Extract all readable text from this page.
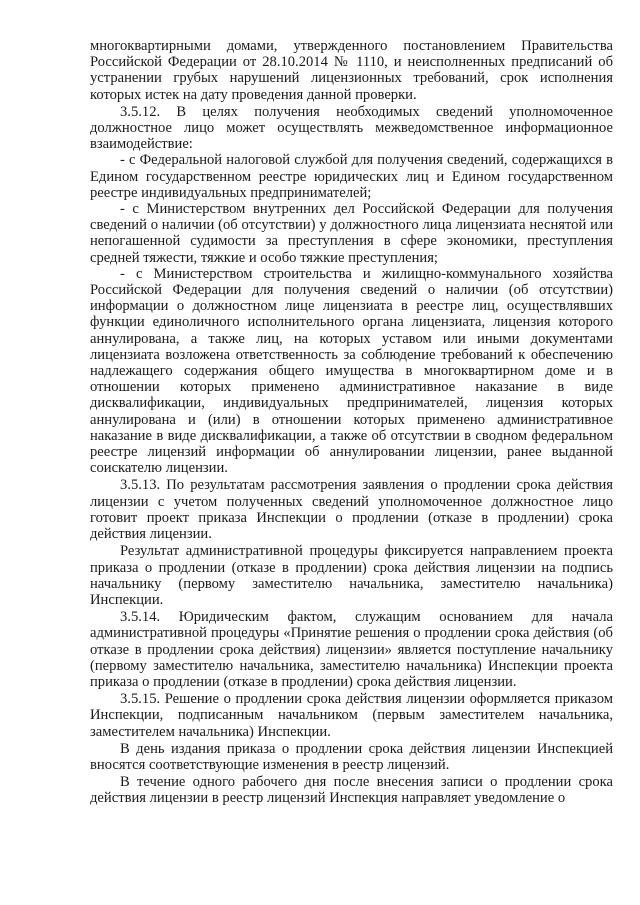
многоквартирными домами, утвержденного постановлением Правительства Российской Федерации от 28.10.2014 № 1110, и неисполненных предписаний об устранении грубых нарушений лицензионных требований, срок исполнения которых истек на дату проведения данной проверки.

3.5.12. В целях получения необходимых сведений уполномоченное должностное лицо может осуществлять межведомственное информационное взаимодействие:

- с Федеральной налоговой службой для получения сведений, содержащихся в Едином государственном реестре юридических лиц и Едином государственном реестре индивидуальных предпринимателей;

- с Министерством внутренних дел Российской Федерации для получения сведений о наличии (об отсутствии) у должностного лица лицензиата неснятой или непогашенной судимости за преступления в сфере экономики, преступления средней тяжести, тяжкие и особо тяжкие преступления;

- с Министерством строительства и жилищно-коммунального хозяйства Российской Федерации для получения сведений о наличии (об отсутствии) информации о должностном лице лицензиата в реестре лиц, осуществлявших функции единоличного исполнительного органа лицензиата, лицензия которого аннулирована, а также лиц, на которых уставом или иными документами лицензиата возложена ответственность за соблюдение требований к обеспечению надлежащего содержания общего имущества в многоквартирном доме и в отношении которых применено административное наказание в виде дисквалификации, индивидуальных предпринимателей, лицензия которых аннулирована и (или) в отношении которых применено административное наказание в виде дисквалификации, а также об отсутствии в сводном федеральном реестре лицензий информации об аннулировании лицензии, ранее выданной соискателю лицензии.

3.5.13. По результатам рассмотрения заявления о продлении срока действия лицензии с учетом полученных сведений уполномоченное должностное лицо готовит проект приказа Инспекции о продлении (отказе в продлении) срока действия лицензии.

Результат административной процедуры фиксируется направлением проекта приказа о продлении (отказе в продлении) срока действия лицензии на подпись начальнику (первому заместителю начальника, заместителю начальника) Инспекции.

3.5.14. Юридическим фактом, служащим основанием для начала административной процедуры «Принятие решения о продлении срока действия (об отказе в продлении срока действия) лицензии» является поступление начальнику (первому заместителю начальника, заместителю начальника) Инспекции проекта приказа о продлении (отказе в продлении) срока действия лицензии.

3.5.15. Решение о продлении срока действия лицензии оформляется приказом Инспекции, подписанным начальником (первым заместителем начальника, заместителем начальника) Инспекции.

В день издания приказа о продлении срока действия лицензии Инспекцией вносятся соответствующие изменения в реестр лицензий.

В течение одного рабочего дня после внесения записи о продлении срока действия лицензии в реестр лицензий Инспекция направляет уведомление о
